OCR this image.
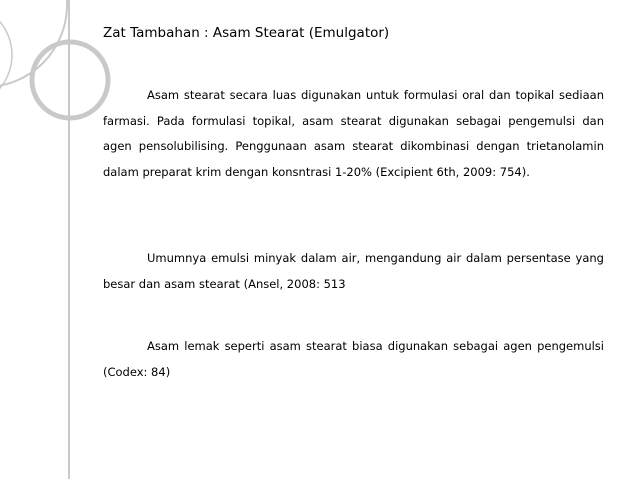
Zat Tambahan : Asam Stearat (Emulgator)

Asam stearat secara luas digunakan untuk formulasi oral dan topikal sediaan farmasi. Pada formulasi topikal, asam stearat digunakan sebagai pengemulsi dan agen pensolubilising. Penggunaan asam stearat dikombinasi dengan trietanolamin dalam preparat krim dengan konsntrasi 1-20% (Excipient 6th, 2009: 754).

Umumnya emulsi minyak dalam air, mengandung air dalam persentase yang besar dan asam stearat (Ansel, 2008: 513

Asam lemak seperti asam stearat biasa digunakan sebagai agen pengemulsi (Codex: 84)
